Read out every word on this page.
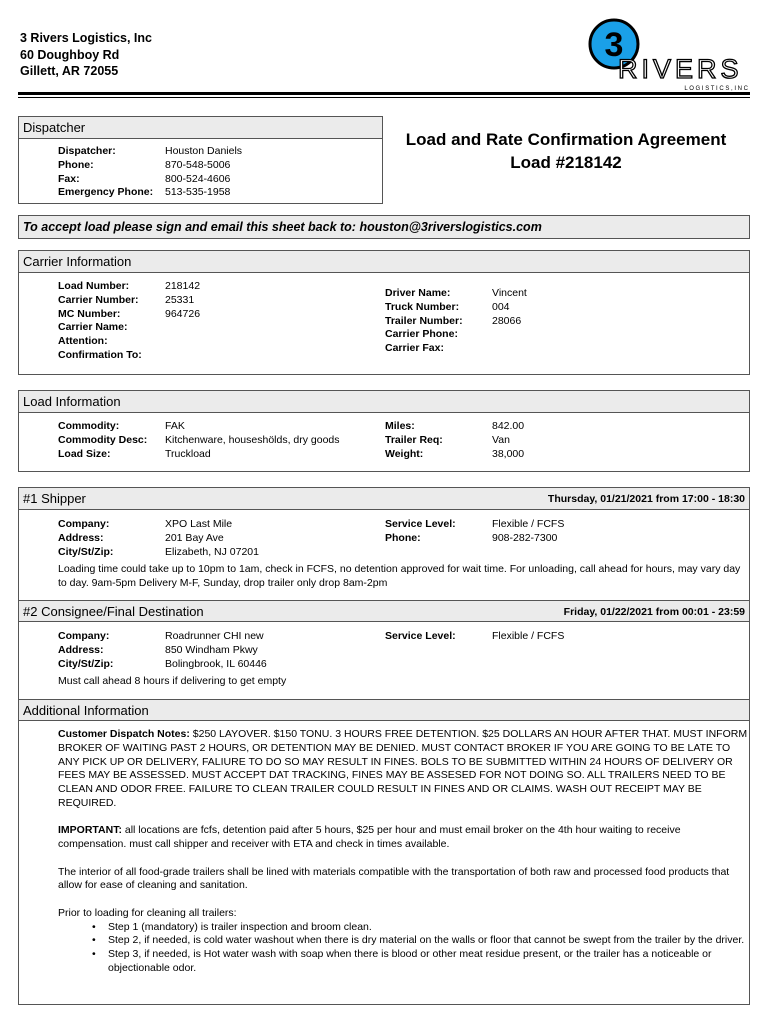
3 Rivers Logistics, Inc
60 Doughboy Rd
Gillett, AR 72055
3
RIVERS
L O G I S T I C S , I N C
Dispatcher
Dispatcher:	Houston Daniels
Phone:	870-548-5006
Fax:	800-524-4606
Emergency Phone:	513-535-1958
Load and Rate Confirmation Agreement
Load #218142
To accept load please sign and email this sheet back to: houston@3riverslogistics.com
Carrier Information
Load Number:	218142
Carrier Number:	25331
MC Number:	964726
Carrier Name:
Attention:
Confirmation To:
Driver Name:	Vincent
Truck Number:	004
Trailer Number:	28066
Carrier Phone:
Carrier Fax:
Load Information
Commodity:	FAK
Commodity Desc:	Kitchenware, houseshölds, dry goods
Load Size:	Truckload
Miles:	842.00
Trailer Req:	Van
Weight:	38,000
#1 Shipper	Thursday, 01/21/2021 from 17:00 - 18:30
Company:	XPO Last Mile
Address:	201 Bay Ave
City/St/Zip:	Elizabeth, NJ 07201
Service Level:	Flexible / FCFS
Phone:	908-282-7300
Loading time could take up to 10pm to 1am, check in FCFS, no detention approved for wait time. For unloading, call ahead for hours, may vary day to day. 9am-5pm Delivery M-F, Sunday, drop trailer only drop 8am-2pm
#2 Consignee/Final Destination	Friday, 01/22/2021 from 00:01 - 23:59
Company:	Roadrunner CHI new
Address:	850 Windham Pkwy
City/St/Zip:	Bolingbrook, IL 60446
Service Level:	Flexible / FCFS
Must call ahead 8 hours if delivering to get empty
Additional Information

Customer Dispatch Notes: $250 LAYOVER. $150 TONU. 3 HOURS FREE DETENTION. $25 DOLLARS AN HOUR AFTER THAT. MUST INFORM BROKER OF WAITING PAST 2 HOURS, OR DETENTION MAY BE DENIED. MUST CONTACT BROKER IF YOU ARE GOING TO BE LATE TO ANY PICK UP OR DELIVERY, FALIURE TO DO SO MAY RESULT IN FINES. BOLS TO BE SUBMITTED WITHIN 24 HOURS OF DELIVERY OR FEES MAY BE ASSESSED. MUST ACCEPT DAT TRACKING, FINES MAY BE ASSESED FOR NOT DOING SO. ALL TRAILERS NEED TO BE CLEAN AND ODOR FREE. FAILURE TO CLEAN TRAILER COULD RESULT IN FINES AND OR CLAIMS. WASH OUT RECEIPT MAY BE REQUIRED.

IMPORTANT: all locations are fcfs, detention paid after 5 hours, $25 per hour and must email broker on the 4th hour waiting to receive compensation. must call shipper and receiver with ETA and check in times available.

The interior of all food-grade trailers shall be lined with materials compatible with the transportation of both raw and processed food products that allow for ease of cleaning and sanitation.

Prior to loading for cleaning all trailers:
• Step 1 (mandatory) is trailer inspection and broom clean.
• Step 2, if needed, is cold water washout when there is dry material on the walls or floor that cannot be swept from the trailer by the driver.
• Step 3, if needed, is Hot water wash with soap when there is blood or other meat residue present, or the trailer has a noticeable or objectionable odor.
